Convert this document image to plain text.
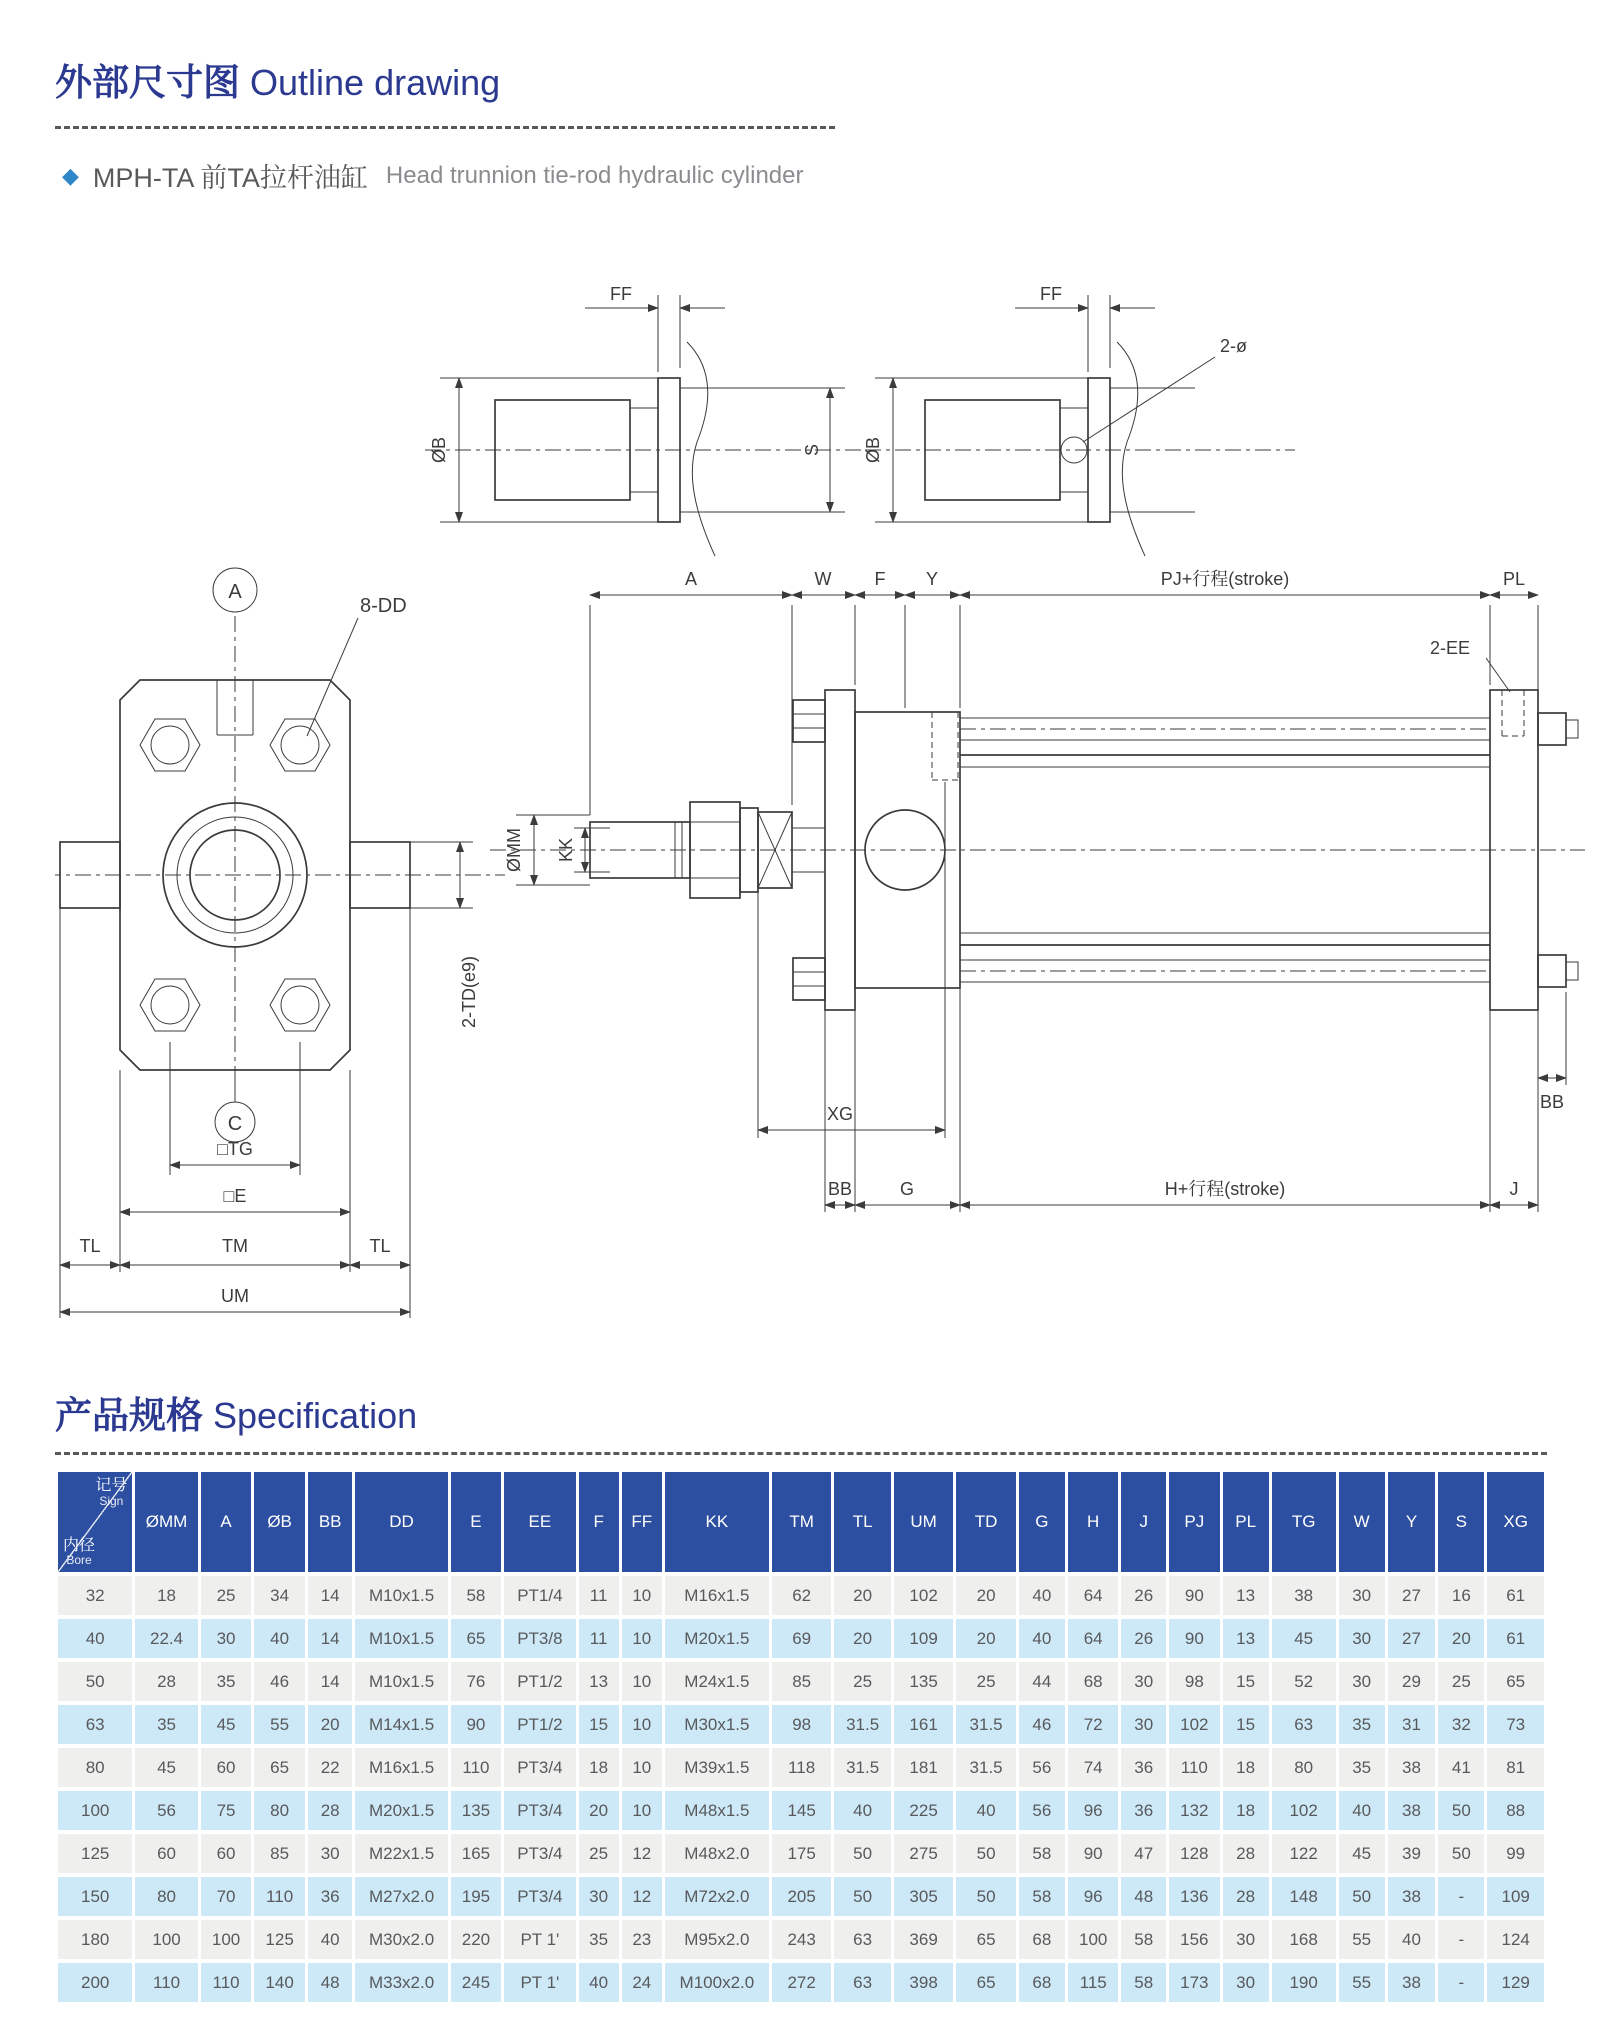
外部尺寸图 Outline drawing
◆ MPH-TA 前TA拉杆油缸 Head trunnion tie-rod hydraulic cylinder
FF
ØB	S
2-ø
FF
ØB
A
8-DD
C
□TG
□E
TL	TM	TL
UM
2-TD(e9)
A	W F Y	PJ+行程(stroke)	PL
2-EE
ØMM KK
XG
BB	G	H+行程(stroke)	J
BB
产品规格 Specification
记号
Sign
内径
Bore	ØMM	A	ØB	BB	DD	E	EE	F	FF	KK	TM	TL	UM	TD	G	H	J	PJ	PL	TG	W	Y	S	XG
32	18	25	34	14	M10x1.5	58	PT1/4	11	10	M16x1.5	62	20	102	20	40	64	26	90	13	38	30	27	16	61
40	22.4	30	40	14	M10x1.5	65	PT3/8	11	10	M20x1.5	69	20	109	20	40	64	26	90	13	45	30	27	20	61
50	28	35	46	14	M10x1.5	76	PT1/2	13	10	M24x1.5	85	25	135	25	44	68	30	98	15	52	30	29	25	65
63	35	45	55	20	M14x1.5	90	PT1/2	15	10	M30x1.5	98	31.5	161	31.5	46	72	30	102	15	63	35	31	32	73
80	45	60	65	22	M16x1.5	110	PT3/4	18	10	M39x1.5	118	31.5	181	31.5	56	74	36	110	18	80	35	38	41	81
100	56	75	80	28	M20x1.5	135	PT3/4	20	10	M48x1.5	145	40	225	40	56	96	36	132	18	102	40	38	50	88
125	60	60	85	30	M22x1.5	165	PT3/4	25	12	M48x2.0	175	50	275	50	58	90	47	128	28	122	45	39	50	99
150	80	70	110	36	M27x2.0	195	PT3/4	30	12	M72x2.0	205	50	305	50	58	96	48	136	28	148	50	38	-	109
180	100	100	125	40	M30x2.0	220	PT 1'	35	23	M95x2.0	243	63	369	65	68	100	58	156	30	168	55	40	-	124
200	110	110	140	48	M33x2.0	245	PT 1'	40	24	M100x2.0	272	63	398	65	68	115	58	173	30	190	55	38	-	129
